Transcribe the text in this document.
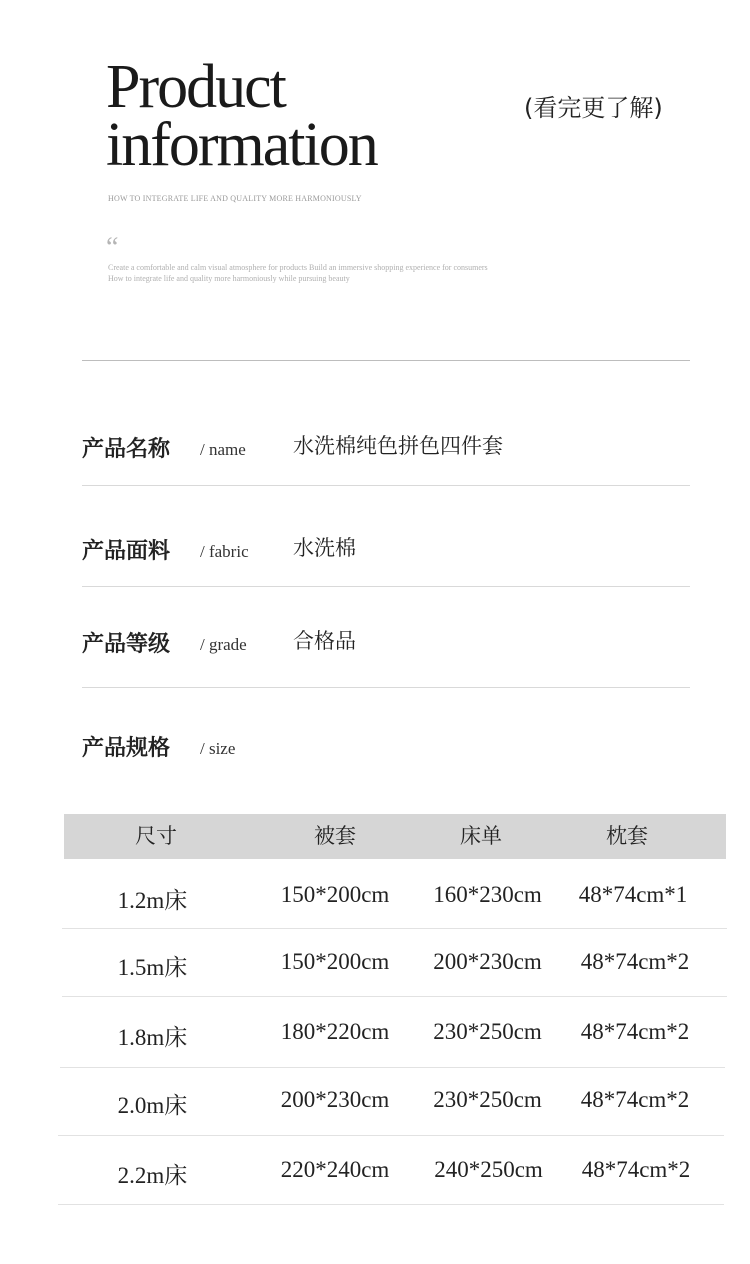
Product
information
(看完更了解)
HOW TO INTEGRATE LIFE AND QUALITY MORE HARMONIOUSLY
“
Create a comfortable and calm visual atmosphere for products Build an immersive shopping experience for consumers How to integrate life and quality more harmoniously while pursuing beauty
产品名称 / name 水洗棉纯色拼色四件套
产品面料 / fabric 水洗棉
产品等级 / grade 合格品
产品规格 / size
尺寸	被套	床单	枕套
1.2m床	150*200cm	160*230cm	48*74cm*1
1.5m床	150*200cm	200*230cm	48*74cm*2
1.8m床	180*220cm	230*250cm	48*74cm*2
2.0m床	200*230cm	230*250cm	48*74cm*2
2.2m床	220*240cm	240*250cm	48*74cm*2
